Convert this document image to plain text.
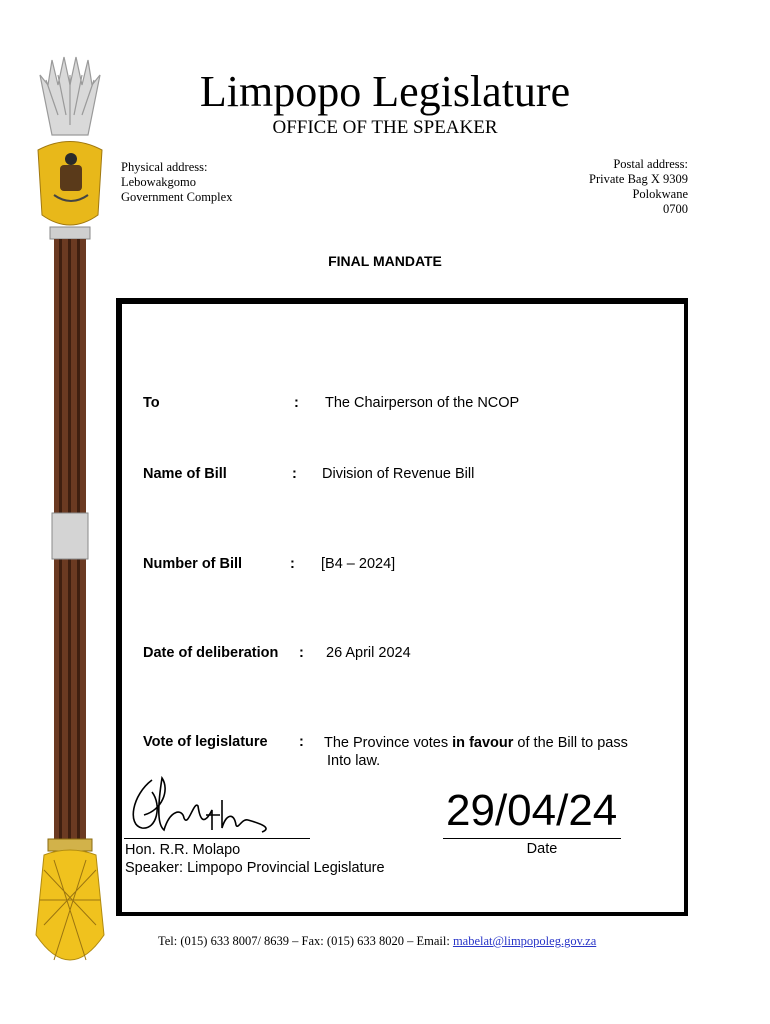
Limpopo Legislature
OFFICE OF THE SPEAKER
Physical address:
Lebowakgomo
Government Complex
Postal address:
Private Bag X 9309
Polokwane
0700
FINAL MANDATE
To	: The Chairperson of the NCOP
Name of Bill	: Division of Revenue Bill
Number of Bill	: [B4 – 2024]
Date of deliberation : 26 April 2024
Vote of legislature : The Province votes in favour of the Bill to pass
Into law.
29/04/24
Date
Hon. R.R. Molapo
Speaker: Limpopo Provincial Legislature
Tel: (015) 633 8007/ 8639 – Fax: (015) 633 8020 – Email: mabelat@limpopoleg.gov.za
